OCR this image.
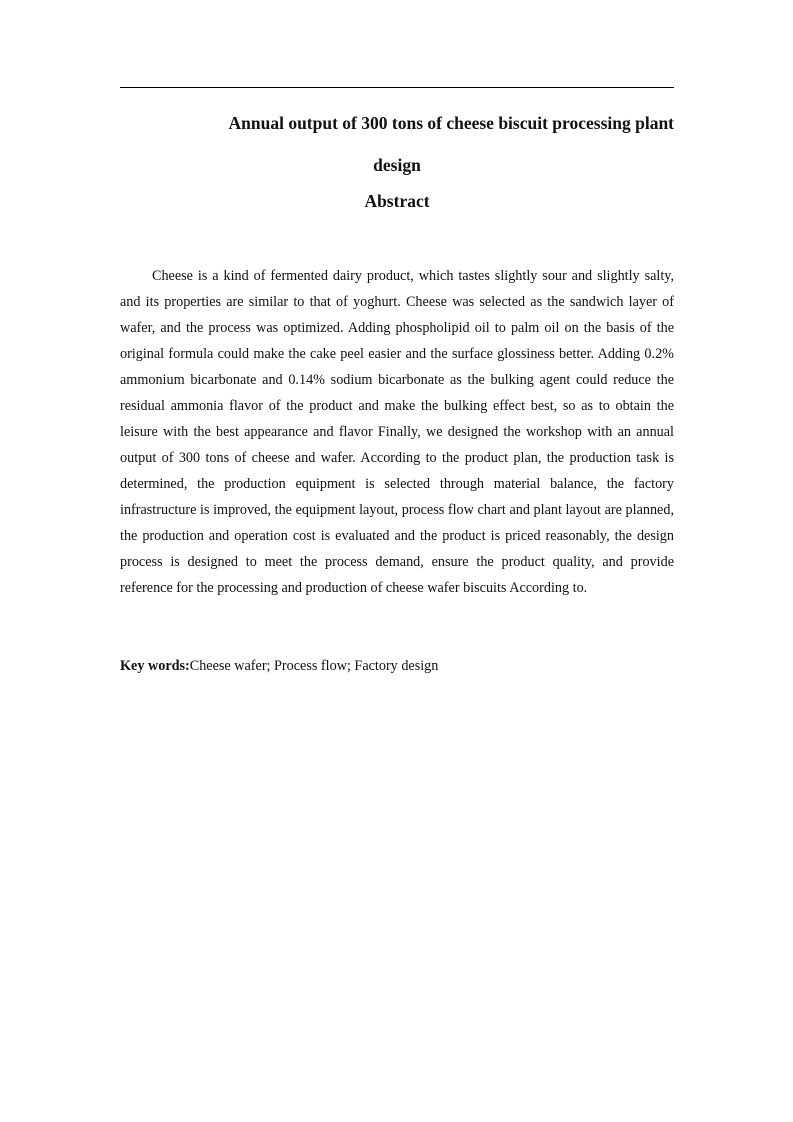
Annual output of 300 tons of cheese biscuit processing plant
design
Abstract

Cheese is a kind of fermented dairy product, which tastes slightly sour and slightly salty, and its properties are similar to that of yoghurt. Cheese was selected as the sandwich layer of wafer, and the process was optimized. Adding phospholipid oil to palm oil on the basis of the original formula could make the cake peel easier and the surface glossiness better. Adding 0.2% ammonium bicarbonate and 0.14% sodium bicarbonate as the bulking agent could reduce the residual ammonia flavor of the product and make the bulking effect best, so as to obtain the leisure with the best appearance and flavor Finally, we designed the workshop with an annual output of 300 tons of cheese and wafer. According to the product plan, the production task is determined, the production equipment is selected through material balance, the factory infrastructure is improved, the equipment layout, process flow chart and plant layout are planned, the production and operation cost is evaluated and the product is priced reasonably, the design process is designed to meet the process demand, ensure the product quality, and provide reference for the processing and production of cheese wafer biscuits According to.

Key words:Cheese wafer; Process flow; Factory design
